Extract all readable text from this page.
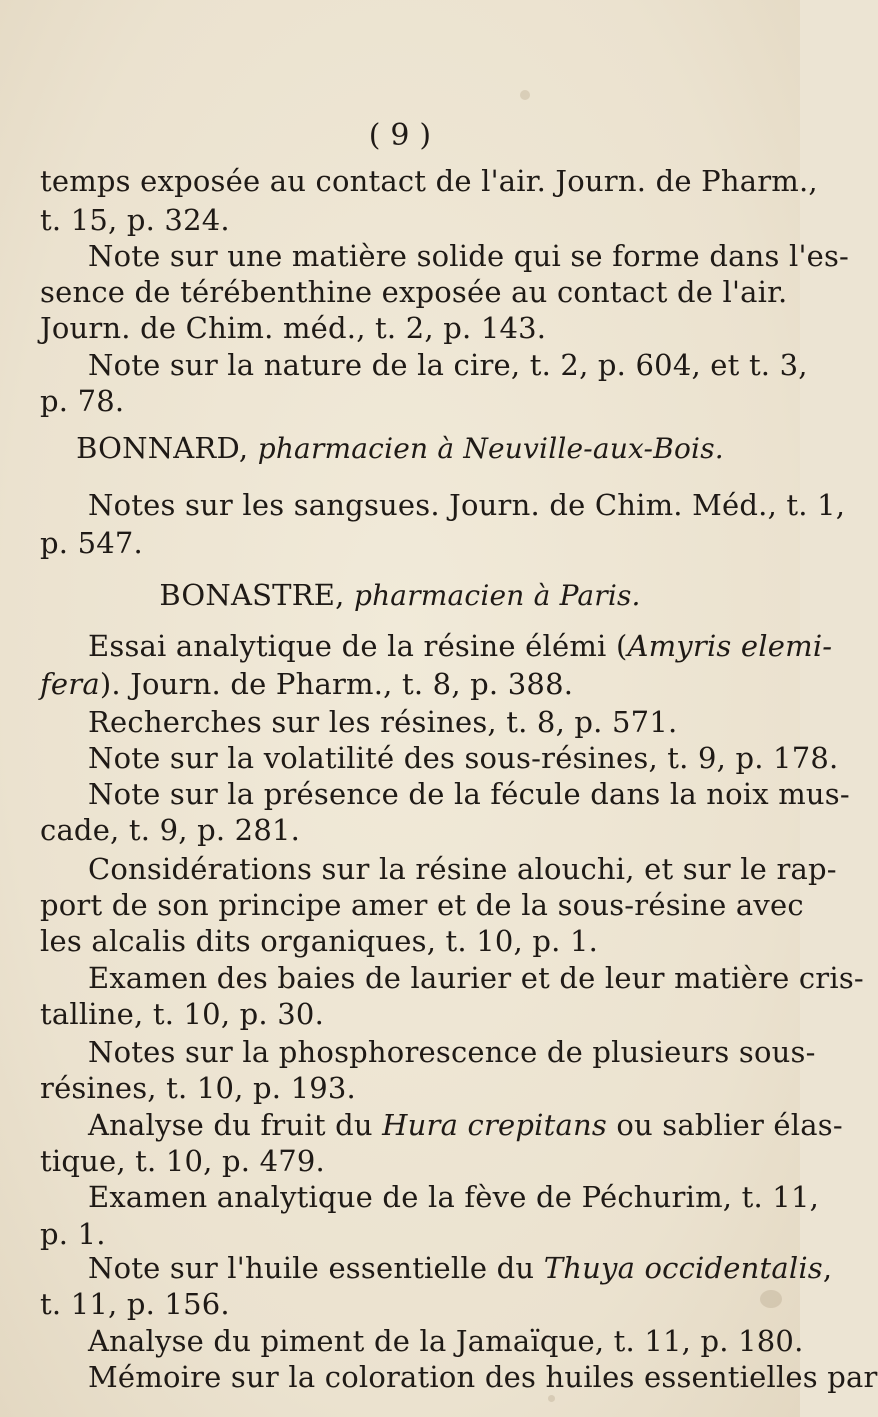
( 9 )
temps exposée au contact de l'air. Journ. de Pharm.,
t. 15, p. 324.
Note sur une matière solide qui se forme dans l'es-
sence de térébenthine exposée au contact de l'air.
Journ. de Chim. méd., t. 2, p. 143.
Note sur la nature de la cire, t. 2, p. 604, et t. 3,
p. 78.
BONNARD, pharmacien à Neuville-aux-Bois.
Notes sur les sangsues. Journ. de Chim. Méd., t. 1,
p. 547.
BONASTRE, pharmacien à Paris.
Essai analytique de la résine élémi (Amyris elemi-
fera). Journ. de Pharm., t. 8, p. 388.
Recherches sur les résines, t. 8, p. 571.
Note sur la volatilité des sous-résines, t. 9, p. 178.
Note sur la présence de la fécule dans la noix mus-
cade, t. 9, p. 281.
Considérations sur la résine alouchi, et sur le rap-
port de son principe amer et de la sous-résine avec
les alcalis dits organiques, t. 10, p. 1.
Examen des baies de laurier et de leur matière cris-
talline, t. 10, p. 30.
Notes sur la phosphorescence de plusieurs sous-
résines, t. 10, p. 193.
Analyse du fruit du Hura crepitans ou sablier élas-
tique, t. 10, p. 479.
Examen analytique de la fève de Péchurim, t. 11,
p. 1.
Note sur l'huile essentielle du Thuya occidentalis,
t. 11, p. 156.
Analyse du piment de la Jamaïque, t. 11, p. 180.
Mémoire sur la coloration des huiles essentielles par
